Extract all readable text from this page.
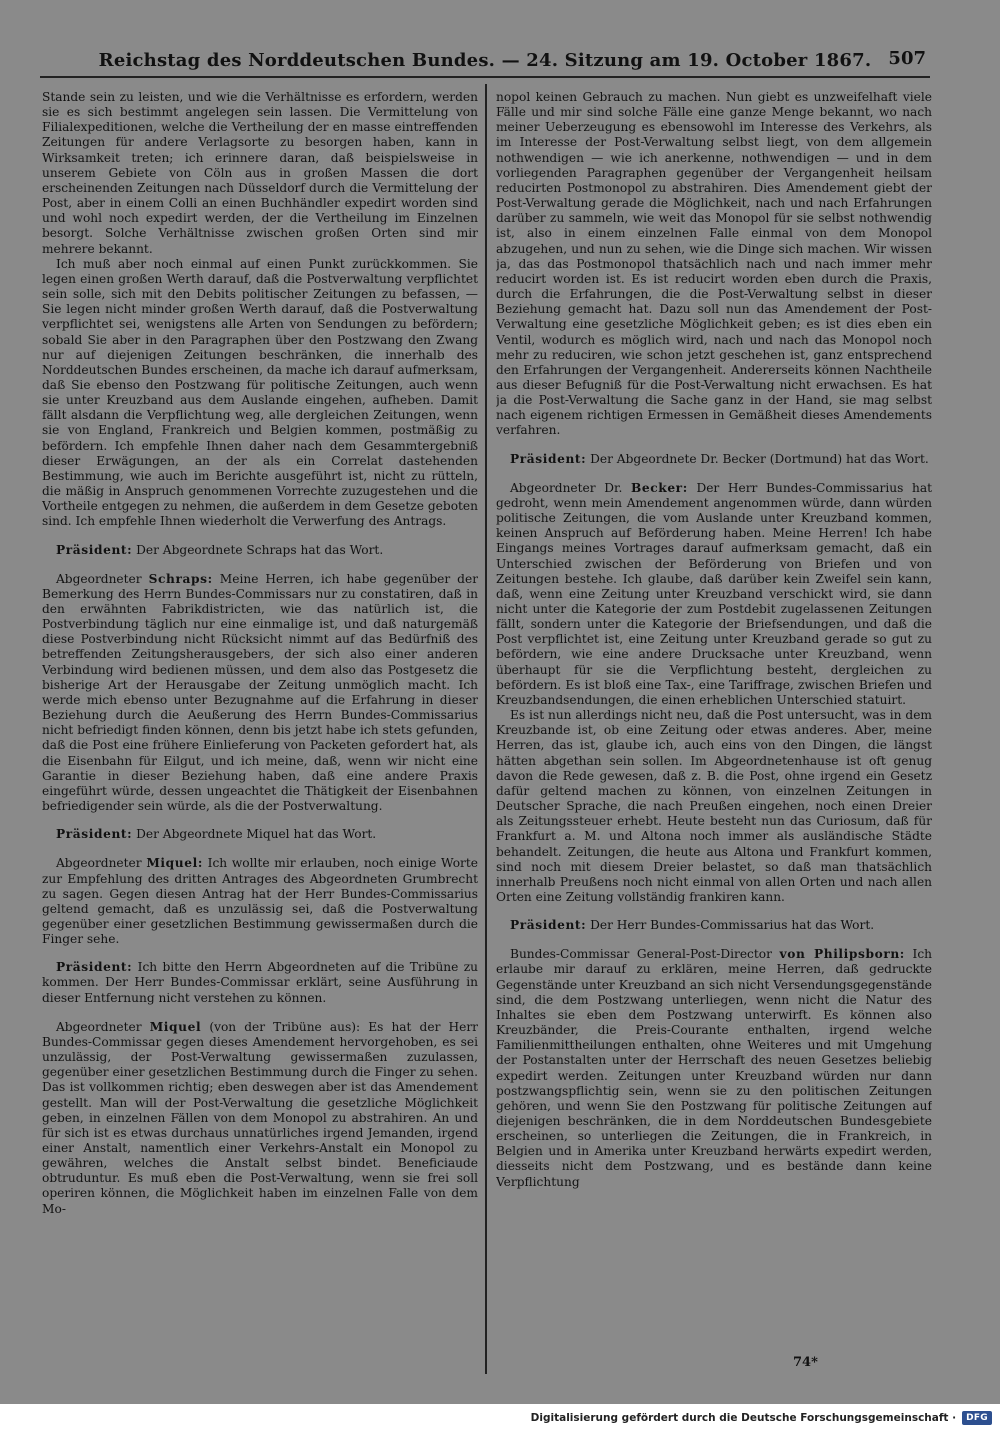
Reichstag des Norddeutschen Bundes. — 24. Sitzung am 19. October 1867. 507

Stande sein zu leisten, und wie die Verhältnisse es erfordern, werden sie es sich bestimmt angelegen sein lassen. Die Vermittelung von Filialexpeditionen, welche die Vertheilung der en masse eintreffenden Zeitungen für andere Verlagsorte zu besorgen haben, kann in Wirksamkeit treten; ich erinnere daran, daß beispielsweise in unserem Gebiete von Cöln aus in großen Massen die dort erscheinenden Zeitungen nach Düsseldorf durch die Vermittelung der Post, aber in einem Colli an einen Buchhändler expedirt worden sind und wohl noch expedirt werden, der die Vertheilung im Einzelnen besorgt. Solche Verhältnisse zwischen großen Orten sind mir mehrere bekannt.

Ich muß aber noch einmal auf einen Punkt zurückkommen. Sie legen einen großen Werth darauf, daß die Postverwaltung verpflichtet sein solle, sich mit den Debits politischer Zeitungen zu befassen, — Sie legen nicht minder großen Werth darauf, daß die Postverwaltung verpflichtet sei, wenigstens alle Arten von Sendungen zu befördern; sobald Sie aber in den Paragraphen über den Postzwang den Zwang nur auf diejenigen Zeitungen beschränken, die innerhalb des Norddeutschen Bundes erscheinen, da mache ich darauf aufmerksam, daß Sie ebenso den Postzwang für politische Zeitungen, auch wenn sie unter Kreuzband aus dem Auslande eingehen, aufheben. Damit fällt alsdann die Verpflichtung weg, alle dergleichen Zeitungen, wenn sie von England, Frankreich und Belgien kommen, postmäßig zu befördern. Ich empfehle Ihnen daher nach dem Gesammtergebniß dieser Erwägungen, an der als ein Correlat dastehenden Bestimmung, wie auch im Berichte ausgeführt ist, nicht zu rütteln, die mäßig in Anspruch genommenen Vorrechte zuzugestehen und die Vortheile entgegen zu nehmen, die außerdem in dem Gesetze geboten sind. Ich empfehle Ihnen wiederholt die Verwerfung des Antrags.

Präsident: Der Abgeordnete Schraps hat das Wort.

Abgeordneter Schraps: Meine Herren, ich habe gegenüber der Bemerkung des Herrn Bundes-Commissars nur zu constatiren, daß in den erwähnten Fabrikdistricten, wie das natürlich ist, die Postverbindung täglich nur eine einmalige ist, und daß naturgemäß diese Postverbindung nicht Rücksicht nimmt auf das Bedürfniß des betreffenden Zeitungsherausgebers, der sich also einer anderen Verbindung wird bedienen müssen, und dem also das Postgesetz die bisherige Art der Herausgabe der Zeitung unmöglich macht. Ich werde mich ebenso unter Bezugnahme auf die Erfahrung in dieser Beziehung durch die Aeußerung des Herrn Bundes-Commissarius nicht befriedigt finden können, denn bis jetzt habe ich stets gefunden, daß die Post eine frühere Einlieferung von Packeten gefordert hat, als die Eisenbahn für Eilgut, und ich meine, daß, wenn wir nicht eine Garantie in dieser Beziehung haben, daß eine andere Praxis eingeführt würde, dessen ungeachtet die Thätigkeit der Eisenbahnen befriedigender sein würde, als die der Postverwaltung.

Präsident: Der Abgeordnete Miquel hat das Wort.

Abgeordneter Miquel: Ich wollte mir erlauben, noch einige Worte zur Empfehlung des dritten Antrages des Abgeordneten Grumbrecht zu sagen. Gegen diesen Antrag hat der Herr Bundes-Commissarius geltend gemacht, daß es unzulässig sei, daß die Postverwaltung gegenüber einer gesetzlichen Bestimmung gewissermaßen durch die Finger sehe.

Präsident: Ich bitte den Herrn Abgeordneten auf die Tribüne zu kommen. Der Herr Bundes-Commissar erklärt, seine Ausführung in dieser Entfernung nicht verstehen zu können.

Abgeordneter Miquel (von der Tribüne aus): Es hat der Herr Bundes-Commissar gegen dieses Amendement hervorgehoben, es sei unzulässig, der Post-Verwaltung gewissermaßen zuzulassen, gegenüber einer gesetzlichen Bestimmung durch die Finger zu sehen. Das ist vollkommen richtig; eben deswegen aber ist das Amendement gestellt. Man will der Post-Verwaltung die gesetzliche Möglichkeit geben, in einzelnen Fällen von dem Monopol zu abstrahiren. An und für sich ist es etwas durchaus unnatürliches irgend Jemanden, irgend einer Anstalt, namentlich einer Verkehrs-Anstalt ein Monopol zu gewähren, welches die Anstalt selbst bindet. Beneficiaude obtruduntur. Es muß eben die Post-Verwaltung, wenn sie frei soll operiren können, die Möglichkeit haben im einzelnen Falle von dem Mo-

nopol keinen Gebrauch zu machen. Nun giebt es unzweifelhaft viele Fälle und mir sind solche Fälle eine ganze Menge bekannt, wo nach meiner Ueberzeugung es ebensowohl im Interesse des Verkehrs, als im Interesse der Post-Verwaltung selbst liegt, von dem allgemein nothwendigen — wie ich anerkenne, nothwendigen — und in dem vorliegenden Paragraphen gegenüber der Vergangenheit heilsam reducirten Postmonopol zu abstrahiren. Dies Amendement giebt der Post-Verwaltung gerade die Möglichkeit, nach und nach Erfahrungen darüber zu sammeln, wie weit das Monopol für sie selbst nothwendig ist, also in einem einzelnen Falle einmal von dem Monopol abzugehen, und nun zu sehen, wie die Dinge sich machen. Wir wissen ja, das das Postmonopol thatsächlich nach und nach immer mehr reducirt worden ist. Es ist reducirt worden eben durch die Praxis, durch die Erfahrungen, die die Post-Verwaltung selbst in dieser Beziehung gemacht hat. Dazu soll nun das Amendement der Post-Verwaltung eine gesetzliche Möglichkeit geben; es ist dies eben ein Ventil, wodurch es möglich wird, nach und nach das Monopol noch mehr zu reduciren, wie schon jetzt geschehen ist, ganz entsprechend den Erfahrungen der Vergangenheit. Andererseits können Nachtheile aus dieser Befugniß für die Post-Verwaltung nicht erwachsen. Es hat ja die Post-Verwaltung die Sache ganz in der Hand, sie mag selbst nach eigenem richtigen Ermessen in Gemäßheit dieses Amendements verfahren.

Präsident: Der Abgeordnete Dr. Becker (Dortmund) hat das Wort.

Abgeordneter Dr. Becker: Der Herr Bundes-Commissarius hat gedroht, wenn mein Amendement angenommen würde, dann würden politische Zeitungen, die vom Auslande unter Kreuzband kommen, keinen Anspruch auf Beförderung haben. Meine Herren! Ich habe Eingangs meines Vortrages darauf aufmerksam gemacht, daß ein Unterschied zwischen der Beförderung von Briefen und von Zeitungen bestehe. Ich glaube, daß darüber kein Zweifel sein kann, daß, wenn eine Zeitung unter Kreuzband verschickt wird, sie dann nicht unter die Kategorie der zum Postdebit zugelassenen Zeitungen fällt, sondern unter die Kategorie der Briefsendungen, und daß die Post verpflichtet ist, eine Zeitung unter Kreuzband gerade so gut zu befördern, wie eine andere Drucksache unter Kreuzband, wenn überhaupt für sie die Verpflichtung besteht, dergleichen zu befördern. Es ist bloß eine Tax-, eine Tariffrage, zwischen Briefen und Kreuzbandsendungen, die einen erheblichen Unterschied statuirt.

Es ist nun allerdings nicht neu, daß die Post untersucht, was in dem Kreuzbande ist, ob eine Zeitung oder etwas anderes. Aber, meine Herren, das ist, glaube ich, auch eins von den Dingen, die längst hätten abgethan sein sollen. Im Abgeordnetenhause ist oft genug davon die Rede gewesen, daß z. B. die Post, ohne irgend ein Gesetz dafür geltend machen zu können, von einzelnen Zeitungen in Deutscher Sprache, die nach Preußen eingehen, noch einen Dreier als Zeitungssteuer erhebt. Heute besteht nun das Curiosum, daß für Frankfurt a. M. und Altona noch immer als ausländische Städte behandelt. Zeitungen, die heute aus Altona und Frankfurt kommen, sind noch mit diesem Dreier belastet, so daß man thatsächlich innerhalb Preußens noch nicht einmal von allen Orten und nach allen Orten eine Zeitung vollständig frankiren kann.

Präsident: Der Herr Bundes-Commissarius hat das Wort.

Bundes-Commissar General-Post-Director von Philipsborn: Ich erlaube mir darauf zu erklären, meine Herren, daß gedruckte Gegenstände unter Kreuzband an sich nicht Versendungsgegenstände sind, die dem Postzwang unterliegen, wenn nicht die Natur des Inhaltes sie eben dem Postzwang unterwirft. Es können also Kreuzbänder, die Preis-Courante enthalten, irgend welche Familienmittheilungen enthalten, ohne Weiteres und mit Umgehung der Postanstalten unter der Herrschaft des neuen Gesetzes beliebig expedirt werden. Zeitungen unter Kreuzband würden nur dann postzwangspflichtig sein, wenn sie zu den politischen Zeitungen gehören, und wenn Sie den Postzwang für politische Zeitungen auf diejenigen beschränken, die in dem Norddeutschen Bundesgebiete erscheinen, so unterliegen die Zeitungen, die in Frankreich, in Belgien und in Amerika unter Kreuzband herwärts expedirt werden, diesseits nicht dem Postzwang, und es bestände dann keine Verpflichtung

74*
Digitalisierung gefördert durch die Deutsche Forschungsgemeinschaft ·	DFG
